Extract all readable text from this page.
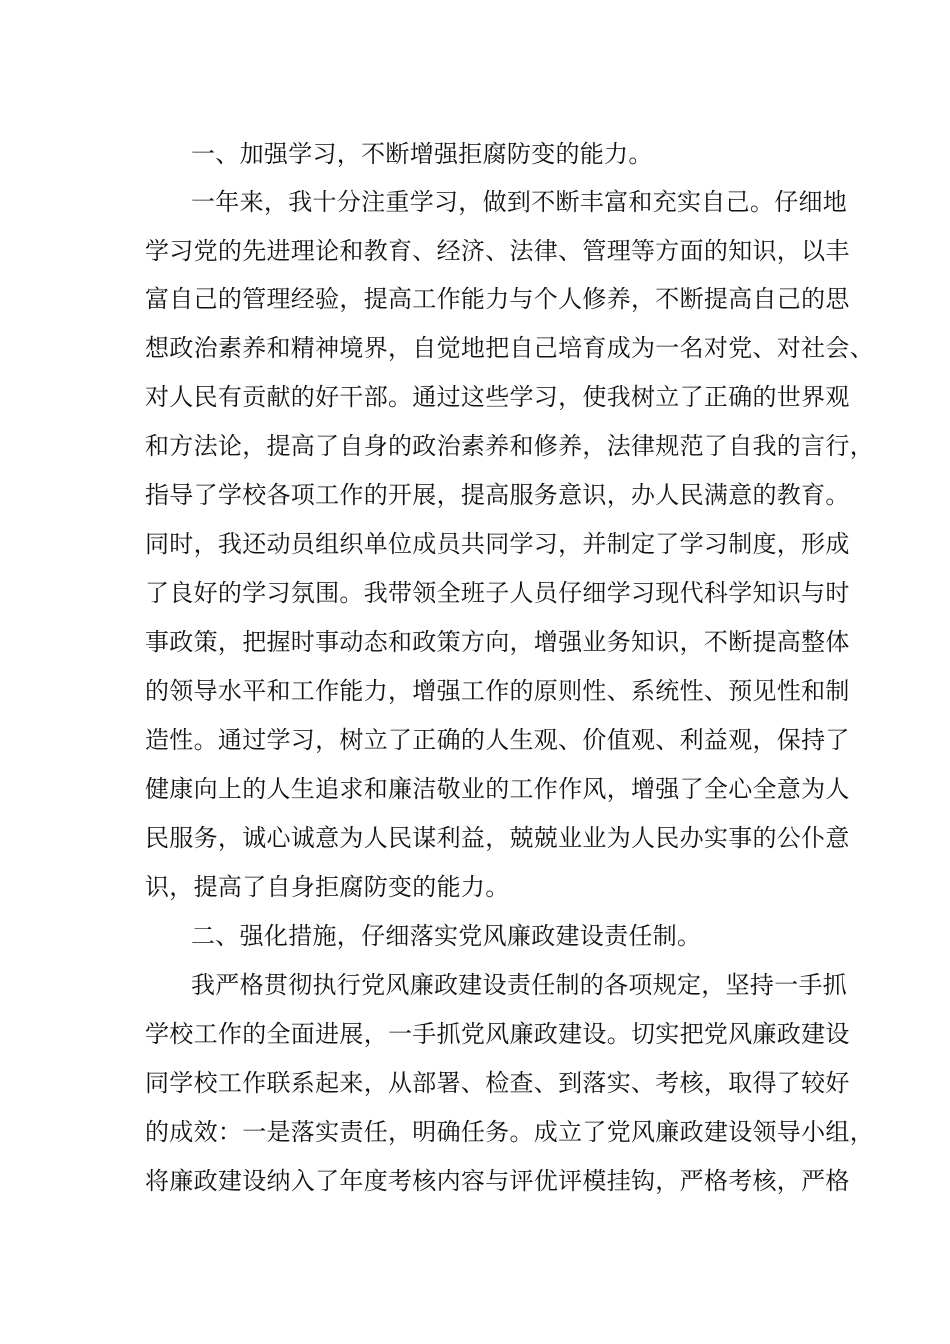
一、加强学习，不断增强拒腐防变的能力。
一年来，我十分注重学习，做到不断丰富和充实自己。仔细地
学习党的先进理论和教育、经济、法律、管理等方面的知识，以丰
富自己的管理经验，提高工作能力与个人修养，不断提高自己的思
想政治素养和精神境界，自觉地把自己培育成为一名对党、对社会、
对人民有贡献的好干部。通过这些学习，使我树立了正确的世界观
和方法论，提高了自身的政治素养和修养，法律规范了自我的言行，
指导了学校各项工作的开展，提高服务意识，办人民满意的教育。
同时，我还动员组织单位成员共同学习，并制定了学习制度，形成
了良好的学习氛围。我带领全班子人员仔细学习现代科学知识与时
事政策，把握时事动态和政策方向，增强业务知识，不断提高整体
的领导水平和工作能力，增强工作的原则性、系统性、预见性和制
造性。通过学习，树立了正确的人生观、价值观、利益观，保持了
健康向上的人生追求和廉洁敬业的工作作风，增强了全心全意为人
民服务，诚心诚意为人民谋利益，兢兢业业为人民办实事的公仆意
识，提高了自身拒腐防变的能力。
二、强化措施，仔细落实党风廉政建设责任制。
我严格贯彻执行党风廉政建设责任制的各项规定，坚持一手抓
学校工作的全面进展，一手抓党风廉政建设。切实把党风廉政建设
同学校工作联系起来，从部署、检查、到落实、考核，取得了较好
的成效：一是落实责任，明确任务。成立了党风廉政建设领导小组，
将廉政建设纳入了年度考核内容与评优评模挂钩，严格考核，严格
